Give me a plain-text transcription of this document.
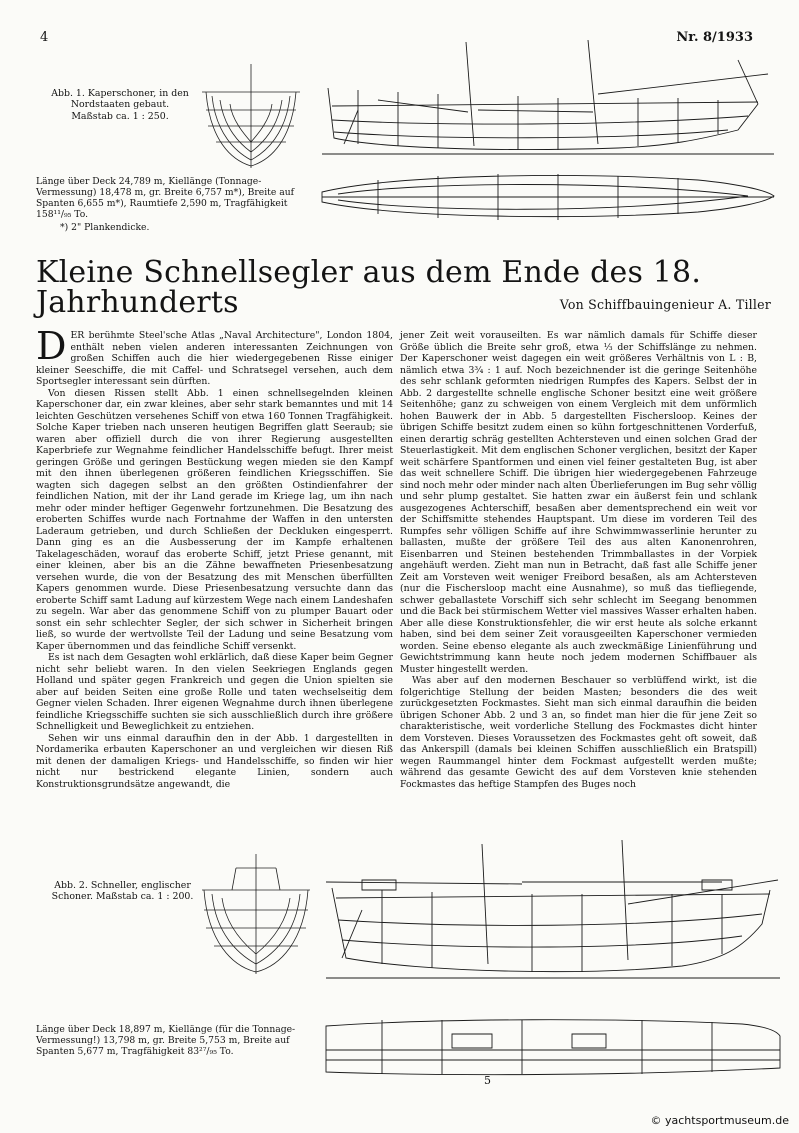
4	Nr. 8/1933
Abb. 1. Kaperschoner, in den Nordstaaten gebaut. Maßstab ca. 1 : 250.
Länge über Deck 24,789 m, Kiellänge (Tonnage-Vermessung) 18,478 m, gr. Breite 6,757 m*), Breite auf Spanten 6,655 m*), Raumtiefe 2,590 m, Tragfähigkeit 158¹¹/₉₅ To.
*) 2" Plankendicke.
Kleine Schnellsegler aus dem Ende des 18. Jahrhunderts	Von Schiffbauingenieur A. Tiller

DER berühmte Steel'sche Atlas „Naval Architecture", London 1804, enthält neben vielen anderen interessanten Zeichnungen von großen Schiffen auch die hier wiedergegebenen Risse einiger kleiner Seeschiffe, die mit Caffel- und Schratsegel versehen, auch dem Sportsegler interessant sein dürften.

Von diesen Rissen stellt Abb. 1 einen schnellsegelnden kleinen Kaperschoner dar, ein zwar kleines, aber sehr stark bemanntes und mit 14 leichten Geschützen versehenes Schiff von etwa 160 Tonnen Tragfähigkeit. Solche Kaper trieben nach unseren heutigen Begriffen glatt Seeraub; sie waren aber offiziell durch die von ihrer Regierung ausgestellten Kaperbriefe zur Wegnahme feindlicher Handelsschiffe befugt. Ihrer meist geringen Größe und geringen Bestückung wegen mieden sie den Kampf mit den ihnen überlegenen größeren feindlichen Kriegsschiffen. Sie wagten sich dagegen selbst an den größten Ostindienfahrer der feindlichen Nation, mit der ihr Land gerade im Kriege lag, um ihn nach mehr oder minder heftiger Gegenwehr fortzunehmen. Die Besatzung des eroberten Schiffes wurde nach Fortnahme der Waffen in den untersten Laderaum getrieben, und durch Schließen der Deckluken eingesperrt. Dann ging es an die Ausbesserung der im Kampfe erhaltenen Takelageschäden, worauf das eroberte Schiff, jetzt Priese genannt, mit einer kleinen, aber bis an die Zähne bewaffneten Priesenbesatzung versehen wurde, die von der Besatzung des mit Menschen überfüllten Kapers genommen wurde. Diese Priesenbesatzung versuchte dann das eroberte Schiff samt Ladung auf kürzestem Wege nach einem Landeshafen zu segeln. War aber das genommene Schiff von zu plumper Bauart oder sonst ein sehr schlechter Segler, der sich schwer in Sicherheit bringen ließ, so wurde der wertvollste Teil der Ladung und seine Besatzung vom Kaper übernommen und das feindliche Schiff versenkt.

Es ist nach dem Gesagten wohl erklärlich, daß diese Kaper beim Gegner nicht sehr beliebt waren. In den vielen Seekriegen Englands gegen Holland und später gegen Frankreich und gegen die Union spielten sie aber auf beiden Seiten eine große Rolle und taten wechselseitig dem Gegner vielen Schaden. Ihrer eigenen Wegnahme durch ihnen überlegene feindliche Kriegsschiffe suchten sie sich ausschließlich durch ihre größere Schnelligkeit und Beweglichkeit zu entziehen.

Sehen wir uns einmal daraufhin den in der Abb. 1 dargestellten in Nordamerika erbauten Kaperschoner an und vergleichen wir diesen Riß mit denen der damaligen Kriegs- und Handelsschiffe, so finden wir hier nicht nur bestrickend elegante Linien, sondern auch Konstruktionsgrundsätze angewandt, die

jener Zeit weit vorauseilten. Es war nämlich damals für Schiffe dieser Größe üblich die Breite sehr groß, etwa ⅓ der Schiffslänge zu nehmen. Der Kaperschoner weist dagegen ein weit größeres Verhältnis von L : B, nämlich etwa 3¾ : 1 auf. Noch bezeichnender ist die geringe Seitenhöhe des sehr schlank geformten niedrigen Rumpfes des Kapers. Selbst der in Abb. 2 dargestellte schnelle englische Schoner besitzt eine weit größere Seitenhöhe; ganz zu schweigen von einem Vergleich mit dem unförmlich hohen Bauwerk der in Abb. 5 dargestellten Fischersloop. Keines der übrigen Schiffe besitzt zudem einen so kühn fortgeschnittenen Vorderfuß, einen derartig schräg gestellten Achtersteven und einen solchen Grad der Steuerlastigkeit. Mit dem englischen Schoner verglichen, besitzt der Kaper weit schärfere Spantformen und einen viel feiner gestalteten Bug, ist aber das weit schnellere Schiff. Die übrigen hier wiedergegebenen Fahrzeuge sind noch mehr oder minder nach alten Überlieferungen im Bug sehr völlig und sehr plump gestaltet. Sie hatten zwar ein äußerst fein und schlank ausgezogenes Achterschiff, besaßen aber dementsprechend ein weit vor der Schiffsmitte stehendes Hauptspant. Um diese im vorderen Teil des Rumpfes sehr völligen Schiffe auf ihre Schwimmwasserlinie herunter zu ballasten, mußte der größere Teil des aus alten Kanonenrohren, Eisenbarren und Steinen bestehenden Trimmballastes in der Vorpiek angehäuft werden. Zieht man nun in Betracht, daß fast alle Schiffe jener Zeit am Vorsteven weit weniger Freibord besaßen, als am Achtersteven (nur die Fischersloop macht eine Ausnahme), so muß das tiefliegende, schwer geballastete Vorschiff sich sehr schlecht im Seegang benommen und die Back bei stürmischem Wetter viel massives Wasser erhalten haben. Aber alle diese Konstruktionsfehler, die wir erst heute als solche erkannt haben, sind bei dem seiner Zeit vorausgeeilten Kaperschoner vermieden worden. Seine ebenso elegante als auch zweckmäßige Linienführung und Gewichtstrimmung kann heute noch jedem modernen Schiffbauer als Muster hingestellt werden.

Was aber auf den modernen Beschauer so verblüffend wirkt, ist die folgerichtige Stellung der beiden Masten; besonders die des weit zurückgesetzten Fockmastes. Sieht man sich einmal daraufhin die beiden übrigen Schoner Abb. 2 und 3 an, so findet man hier die für jene Zeit so charakteristische, weit vorderliche Stellung des Fockmastes dicht hinter dem Vorsteven. Dieses Voraussetzen des Fockmastes geht oft soweit, daß das Ankerspill (damals bei kleinen Schiffen ausschließlich ein Bratspill) wegen Raummangel hinter dem Fockmast aufgestellt werden mußte; während das gesamte Gewicht des auf dem Vorsteven knie stehenden Fockmastes das heftige Stampfen des Buges noch

Abb. 2. Schneller, englischer Schoner. Maßstab ca. 1 : 200.
5
Länge über Deck 18,897 m, Kiellänge (für die Tonnage-Vermessung!) 13,798 m, gr. Breite 5,753 m, Breite auf Spanten 5,677 m, Tragfähigkeit 83²⁷/₉₅ To.
© yachtsportmuseum.de
